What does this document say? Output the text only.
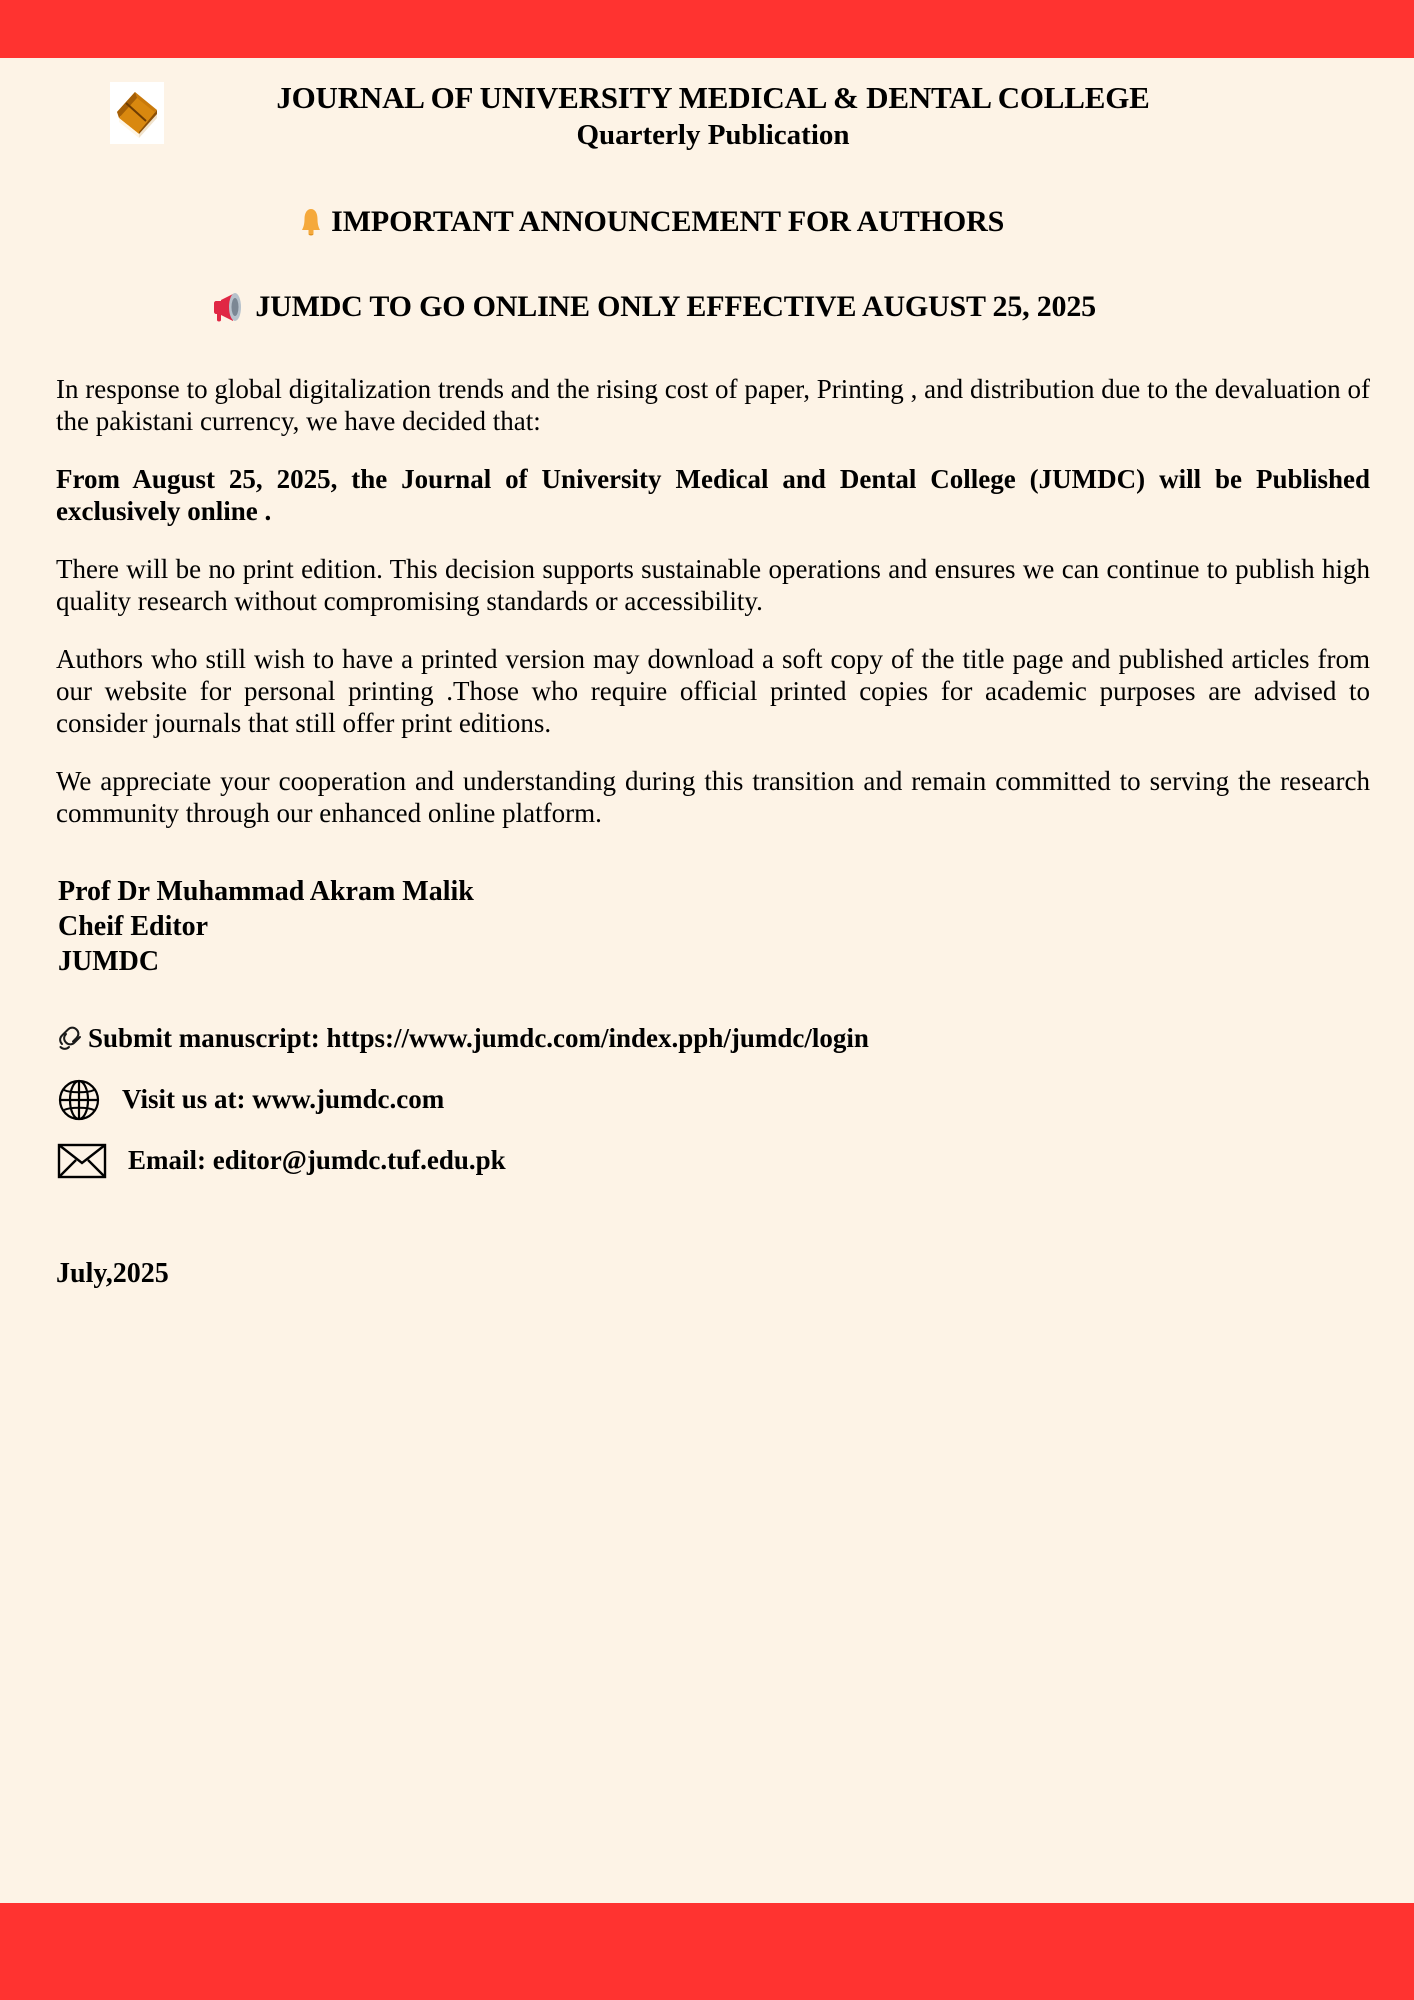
JOURNAL OF UNIVERSITY MEDICAL & DENTAL COLLEGE
Quarterly Publication
IMPORTANT ANNOUNCEMENT FOR AUTHORS
JUMDC TO GO ONLINE ONLY EFFECTIVE AUGUST 25, 2025

In response to global digitalization trends and the rising cost of paper, Printing , and distribution due to the devaluation of the pakistani currency, we have decided that:

From August 25, 2025, the Journal of University Medical and Dental College (JUMDC) will be Published exclusively online .

There will be no print edition. This decision supports sustainable operations and ensures we can continue to publish high quality research without compromising standards or accessibility.

Authors who still wish to have a printed version may download a soft copy of the title page and published articles from our website for personal printing .Those who require official printed copies for academic purposes are advised to consider journals that still offer print editions.

We appreciate your cooperation and understanding during this transition and remain committed to serving the research community through our enhanced online platform.

Prof Dr Muhammad Akram Malik
Cheif Editor
JUMDC
Submit manuscript: https://www.jumdc.com/index.pph/jumdc/login
Visit us at: www.jumdc.com
Email: editor@jumdc.tuf.edu.pk
July,2025
